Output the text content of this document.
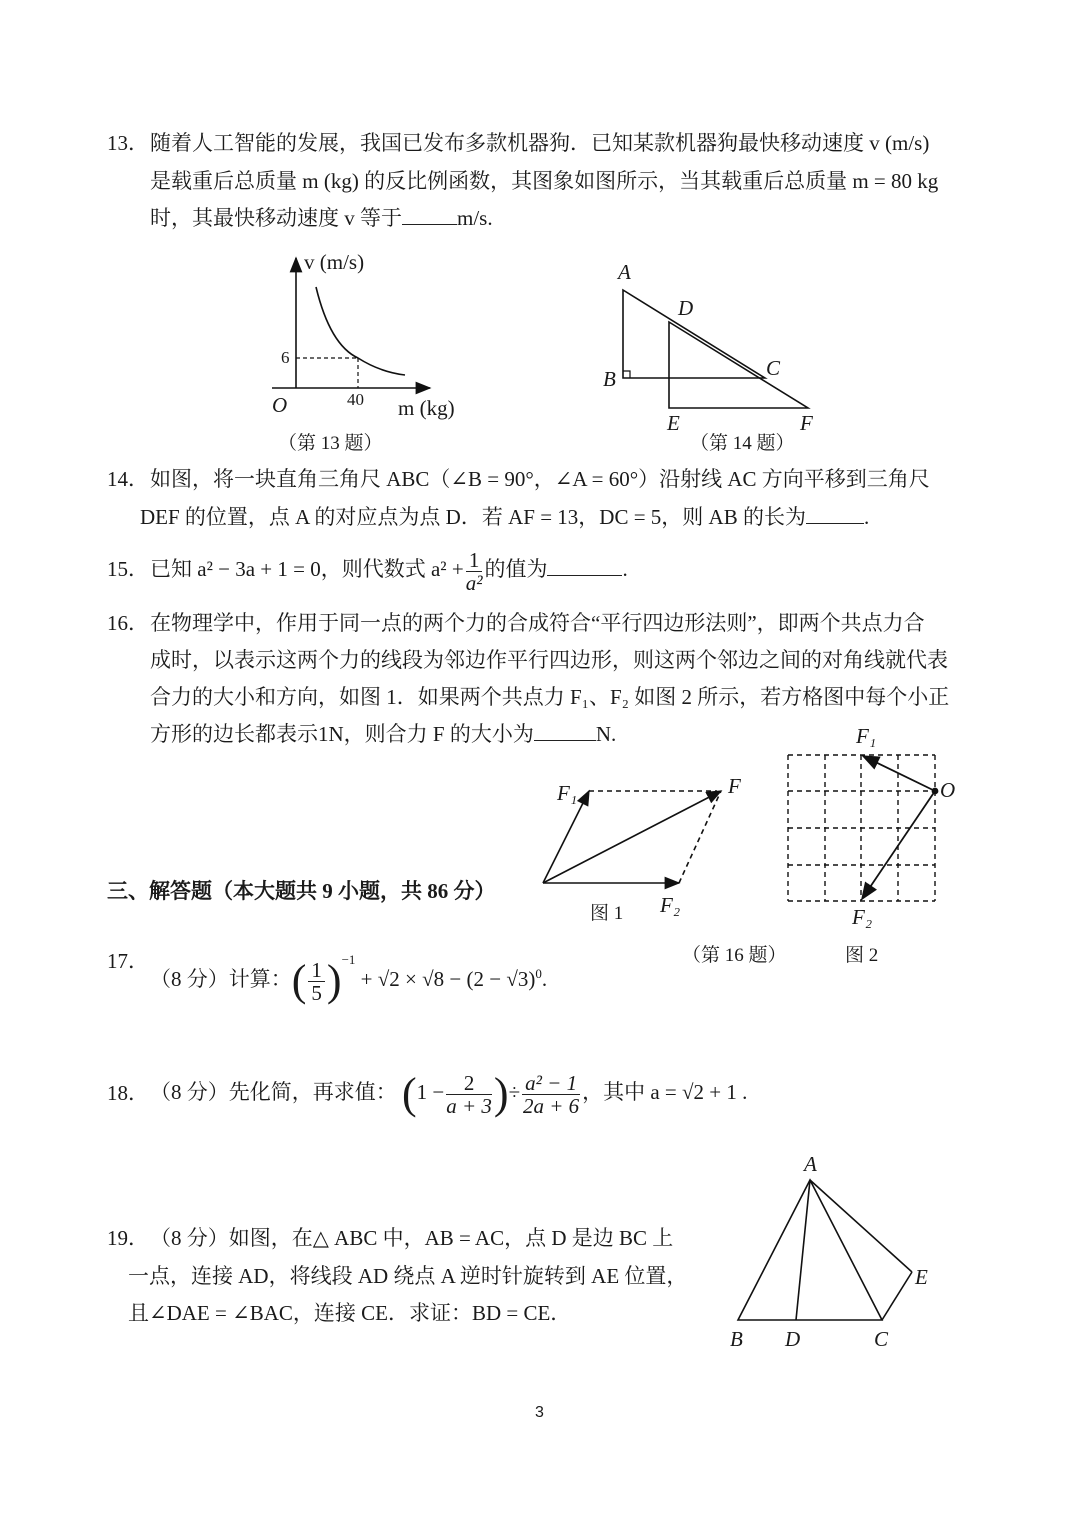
13． 随着人工智能的发展，我国已发布多款机器狗．已知某款机器狗最快移动速度 v (m/s)
是载重后总质量 m (kg) 的反比例函数，其图象如图所示，当其载重后总质量 m = 80 kg
时，其最快移动速度 v 等于	m/s.
v (m/s)
6
40
O	m (kg)
（第 13 题）
A
D
B	C
E	F
（第 14 题）
14． 如图，将一块直角三角尺 ABC（∠B = 90°，∠A = 60°）沿射线 AC 方向平移到三角尺
DEF 的位置，点 A 的对应点为点 D．若 AF = 13，DC = 5，则 AB 的长为	.
15． 已知 a² − 3a + 1 = 0，则代数式 $a^2 + \frac{1}{\text{a²}}$ 的值为	.
16． 在物理学中，作用于同一点的两个力的合成符合“平行四边形法则”，即两个共点力合
成时，以表示这两个力的线段为邻边作平行四边形，则这两个邻边之间的对角线就代表
合力的大小和方向，如图 1．如果两个共点力 F₁、F₂ 如图 2 所示，若方格图中每个小正
方形的边长都表示1N，则合力 F 的大小为	N.
F₁	F
F₂
图 1
F₁
O
F₂
图 2
（第 16 题）
三、解答题（本大题共 9 小题，共 86 分）
17．
（8 分）计算：( $\frac{1}{5} )^{-1} + √2 \times √8 - (2 - √3)^0$.
18． （8 分）先化简，再求值： ($1 - \frac{2}{a + 3}$ )÷ $\frac{\text{a² − 1}}{2a + 6}$ ，其中 a = √2 + 1 .
19． （8 分）如图，在△ ABC 中，AB = AC，点 D 是边 BC 上
一点，连接 AD，将线段 AD 绕点 A 逆时针旋转到 AE 位置，
且∠DAE = ∠BAC，连接 CE．求证：BD = CE．
A
E
B D	C
3
